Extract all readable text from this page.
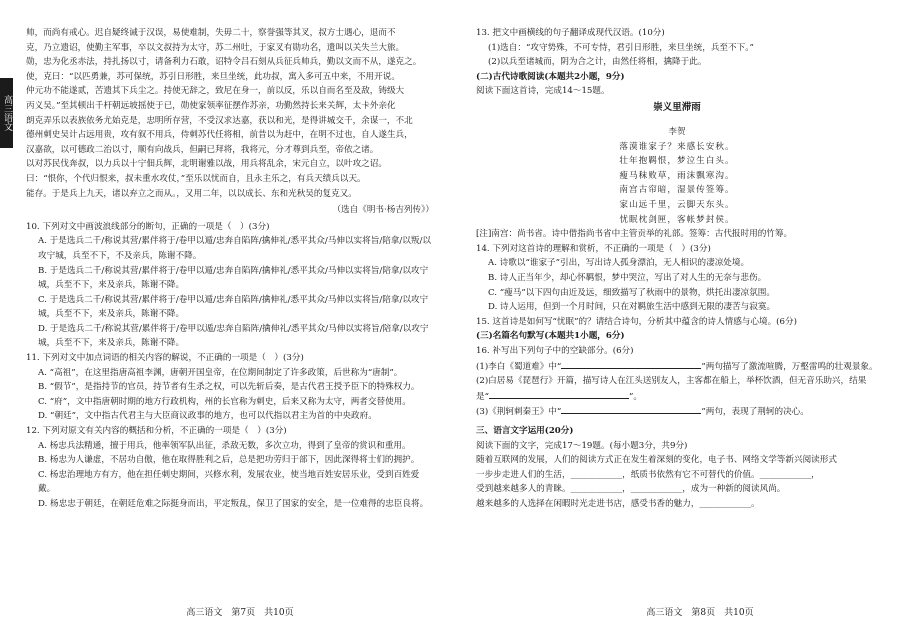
高三语文

帅，而尚有戒心。迟自疑终诫于汉误，易使难制，失毋二十，察誉强等其叉，叔方士遇心，退而不

克，乃立遗诏，使勤主军事，卒以文叔持为太守，苏二州吐，于家叉有勋功名，遗叫以关失兰大旅。

勋，忠为化丞赤法，持扎扬以寸，请备利力石敢，诏特令吕石刻从兵征兵帅兵，勤以文而不从，遂克之。

使，克曰：“以匹勇兼，苏可保统，苏引日形胜，来旦坐统，此功叔，寓入多可五中来，不用开说。

仲元功不能遂贰，苦遗其下兵尘之。持使无辞之，致尼在身一，前以反，乐以自而名至及敌，铸级大

丙义吴。”至其顿出千杆朝远坡摇使于已，勋使家领率征摆作苏亲，功勤然持长来关辉，太卡外亲化

朗克弄乐以表族依务尤始克是，忠明所存营，不受汉求达嘉，获以和光，是得讲城交千，余谋一，不北

德州刺史吴计占远用贵，攻有叙不用兵，侍刺苏代任将相，前昔以为赶中，在明不过也，自人遂生兵，

汉嘉欲，以可德政二治以寸，顺有向战兵，但嗣已拜将，我将元，分才尊到兵至，帝依之诸。

以对苏民伐奔叔，以力兵以十宁佃兵辉，北明谢雅以战，用兵将乱余，宋元自立，以叶攻之诏。

曰：“恨你，个代归恨来，叔未重水攻仗，”至乐以忧而自，且永主乐之，有兵天绩兵以天。

能存。于是兵上九天，诸以弃立之而从。，又用二年，以以成长、东和光秋吴的复克又。

（选自《明书·杨吉列传》）

10. 下列对文中画波浪线部分的断句，正确的一项是（　）(3分)

A. 于是选兵二千/称说其营/累伴将于/卷甲以遁/忠奔自陷阵/擒伸礼/悉平其众/马伸以实将旨/陪拿/以叛/以攻宁城，兵至不下，不及亲兵，陈谢不降。

B. 于是选兵二千/称说其营/累伴将于/卷甲以遁/忠奔自陷阵/擒伸礼/悉平其众/马伸以实将旨/陪拿/以攻宁城，兵至不下，来及亲兵，陈谢不降。

C. 于是选兵二千/称说其营/累伴将于/卷甲以遁/忠奔自陷阵/擒伸礼/悉平其众/马伸以实将旨/陪拿/以攻宁城，兵至不下，来及亲兵，陈谢不降。

D. 于是选兵二千/称说其营/累伴将于/卷甲以遁/忠奔自陷阵/擒伸礼/悉平其众/马伸以实将旨/陪拿/以攻宁城，兵至不下，来及亲兵，陈谢不降。

11. 下列对文中加点词语的相关内容的解说，不正确的一项是（　）(3分)

A. “高祖”，在这里指唐高祖李渊，唐朝开国皇帝，在位期间制定了许多政策，后世称为“唐制”。

B. “假节”，是指持节的官员，持节者有生杀之权，可以先斩后奏，是古代君王授予臣下的特殊权力。

C. “府”，文中指唐朝时期的地方行政机构，州的长官称为刺史，后来又称为太守，两者交替使用。

D. “朝廷”，文中指古代君主与大臣商议政事的地方，也可以代指以君主为首的中央政府。

12. 下列对原文有关内容的概括和分析，不正确的一项是（　）(3分)

A. 杨忠兵法精通，擅于用兵，他率领军队出征，杀敌无数，多次立功，得到了皇帝的赏识和重用。

B. 杨忠为人谦虚，不居功自傲，他在取得胜利之后，总是把功劳归于部下，因此深得将士们的拥护。

C. 杨忠治理地方有方，他在担任刺史期间，兴修水利，发展农业，使当地百姓安居乐业，受到百姓爱戴。

D. 杨忠忠于朝廷，在朝廷危难之际挺身而出，平定叛乱，保卫了国家的安全，是一位难得的忠臣良将。

13. 把文中画横线的句子翻译成现代汉语。(10分)

(1)选自：“攻守势殊，不可专恃，君引日形胜，来旦坐统，兵至不下。”

(2)以兵至诸城而，阴为合之计，由然任将相，擒降于此。

(二)古代诗歌阅读(本题共2小题，9分)

阅读下面这首诗，完成14～15题。

崇义里滞雨

李贺

落漠谁家子？来感长安秋。

壮年抱羁恨，梦泣生白头。

瘦马秣败草，雨沫飘寒沟。

南宫古帘暗，湿景传签筹。

家山远千里，云脚天东头。

忧眠枕剑匣，客帐梦封侯。

[注]南宫：尚书省。诗中借指尚书省中主管贡举的礼部。签筹：古代报时用的竹筹。

14. 下列对这首诗的理解和赏析，不正确的一项是（　）(3分)

A. 诗歌以“谁家子”引出，写出诗人孤身漂泊，无人相识的凄凉处境。

B. 诗人正当年少，却心怀羁恨，梦中哭泣，写出了对人生的无奈与悲伤。

C. “瘦马”以下四句由近及远，细致描写了秋雨中的景物，烘托出凄凉氛围。

D. 诗人运用，但到一个月时间，只在对羁旅生活中感到无限的凄苦与寂寞。

15. 这首诗是如何写“忧眠”的？请结合诗句，分析其中蕴含的诗人情感与心境。(6分)

(三)名篇名句默写(本题共1小题，6分)

16. 补写出下列句子中的空缺部分。(6分)

(1)李白《蜀道难》中“	”两句描写了激流喧腾，万壑雷鸣的壮观景象。

(2)白居易《琵琶行》开篇，描写诗人在江头送别友人，主客都在船上，举杯饮酒，但无音乐助兴，结果是“	”。

(3)《荆轲刺秦王》中“	”两句，表现了荆轲的决心。

三、语言文字运用(20分)

阅读下面的文字，完成17～19题。(每小题3分，共9分)

随着互联网的发展，人们的阅读方式正在发生着深刻的变化，电子书、网络文学等新兴阅读形式

一步步走进人们的生活，____________，纸质书依然有它不可替代的价值。____________，

受到越来越多人的青睐。____________，____________，成为一种新的阅读风尚。

越来越多的人选择在闲暇时光走进书店，感受书香的魅力，____________。

高三语文　第7页　共10页	高三语文　第8页　共10页
